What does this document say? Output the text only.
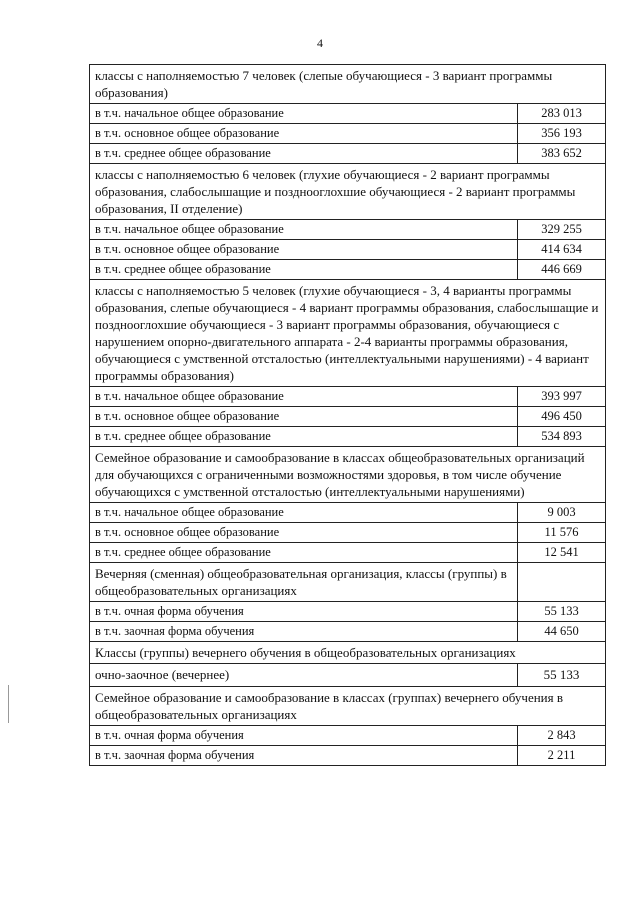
4
классы с наполняемостью 7 человек (слепые обучающиеся - 3 вариант программы образования)	
в т.ч. начальное общее образование	283 013
в т.ч. основное общее образование	356 193
в т.ч. среднее общее образование	383 652
классы с наполняемостью 6 человек (глухие обучающиеся - 2 вариант программы образования, слабослышащие и позднооглохшие обучающиеся - 2 вариант программы образования, II отделение)	
в т.ч. начальное общее образование	329 255
в т.ч. основное общее образование	414 634
в т.ч. среднее общее образование	446 669
классы с наполняемостью 5 человек (глухие обучающиеся - 3, 4 варианты программы образования, слепые обучающиеся - 4 вариант программы образования, слабослышащие и позднооглохшие обучающиеся - 3 вариант программы образования, обучающиеся с нарушением опорно-двигательного аппарата - 2-4 варианты программы образования, обучающиеся с умственной отсталостью (интеллектуальными нарушениями) - 4 вариант программы образования)	
в т.ч. начальное общее образование	393 997
в т.ч. основное общее образование	496 450
в т.ч. среднее общее образование	534 893
Семейное образование и самообразование в классах общеобразовательных организаций для обучающихся с ограниченными возможностями здоровья, в том числе обучение обучающихся с умственной отсталостью (интеллектуальными нарушениями)	
в т.ч. начальное общее образование	9 003
в т.ч. основное общее образование	11 576
в т.ч. среднее общее образование	12 541
Вечерняя (сменная) общеобразовательная организация, классы (группы) в общеобразовательных организациях	
в т.ч. очная форма обучения	55 133
в т.ч. заочная форма обучения	44 650
Классы (группы) вечернего обучения в общеобразовательных организациях	
очно-заочное (вечернее)	55 133
Семейное образование и самообразование в классах (группах) вечернего обучения в общеобразовательных организациях	
в т.ч. очная форма обучения	2 843
в т.ч. заочная форма обучения	2 211
